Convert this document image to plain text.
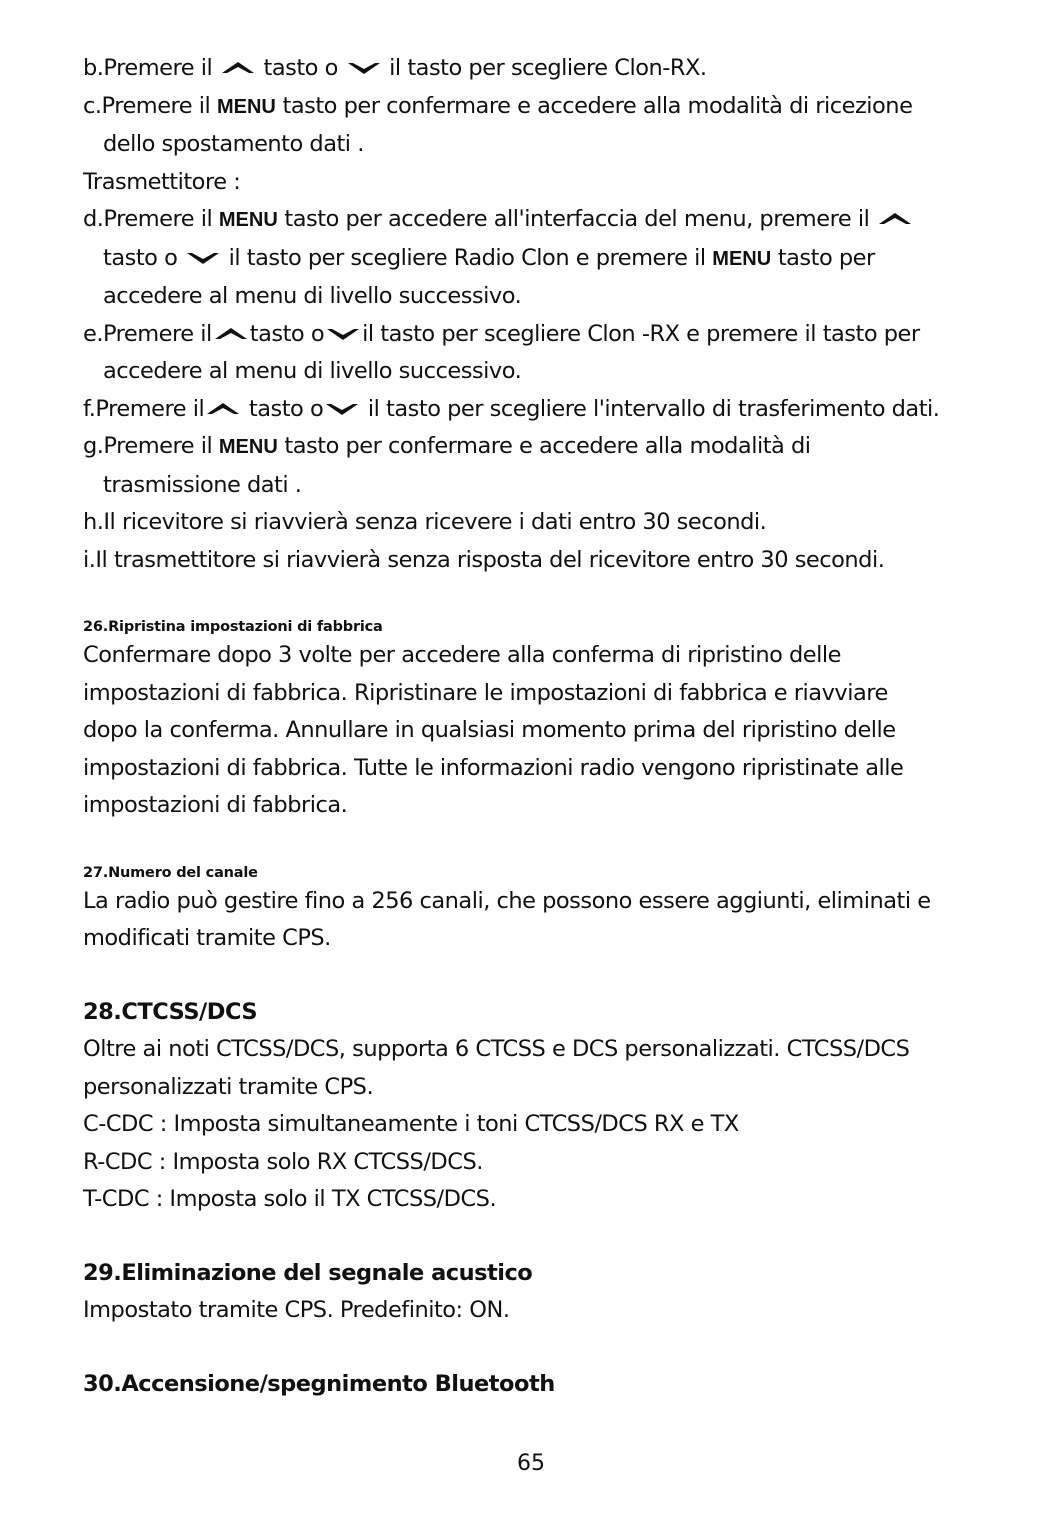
b.Premere il
tasto o
il tasto per scegliere Clon-RX.
c.Premere il MENU tasto per confermare e accedere alla modalità di ricezione
dello spostamento dati .
Trasmettitore :
d.Premere il MENU tasto per accedere all'interfaccia del menu, premere il
tasto o
il tasto per scegliere Radio Clon e premere il MENU tasto per
accedere al menu di livello successivo.
e.Premere il tasto o il tasto per scegliere Clon -RX e premere il tasto per
accedere al menu di livello successivo.
f.Premere il
tasto o
il tasto per scegliere l'intervallo di trasferimento dati.
g.Premere il MENU tasto per confermare e accedere alla modalità di
trasmissione dati .
h.Il ricevitore si riavvierà senza ricevere i dati entro 30 secondi.
i.Il trasmettitore si riavvierà senza risposta del ricevitore entro 30 secondi.
26.Ripristina impostazioni di fabbrica
Confermare dopo 3 volte per accedere alla conferma di ripristino delle
impostazioni di fabbrica. Ripristinare le impostazioni di fabbrica e riavviare
dopo la conferma. Annullare in qualsiasi momento prima del ripristino delle
impostazioni di fabbrica. Tutte le informazioni radio vengono ripristinate alle
impostazioni di fabbrica.
27.Numero del canale
La radio può gestire fino a 256 canali, che possono essere aggiunti, eliminati e
modificati tramite CPS.
28.CTCSS/DCS
Oltre ai noti CTCSS/DCS, supporta 6 CTCSS e DCS personalizzati. CTCSS/DCS
personalizzati tramite CPS.
C-CDC : Imposta simultaneamente i toni CTCSS/DCS RX e TX
R-CDC : Imposta solo RX CTCSS/DCS.
T-CDC : Imposta solo il TX CTCSS/DCS.
29.Eliminazione del segnale acustico
Impostato tramite CPS. Predefinito: ON.
30.Accensione/spegnimento Bluetooth
65
